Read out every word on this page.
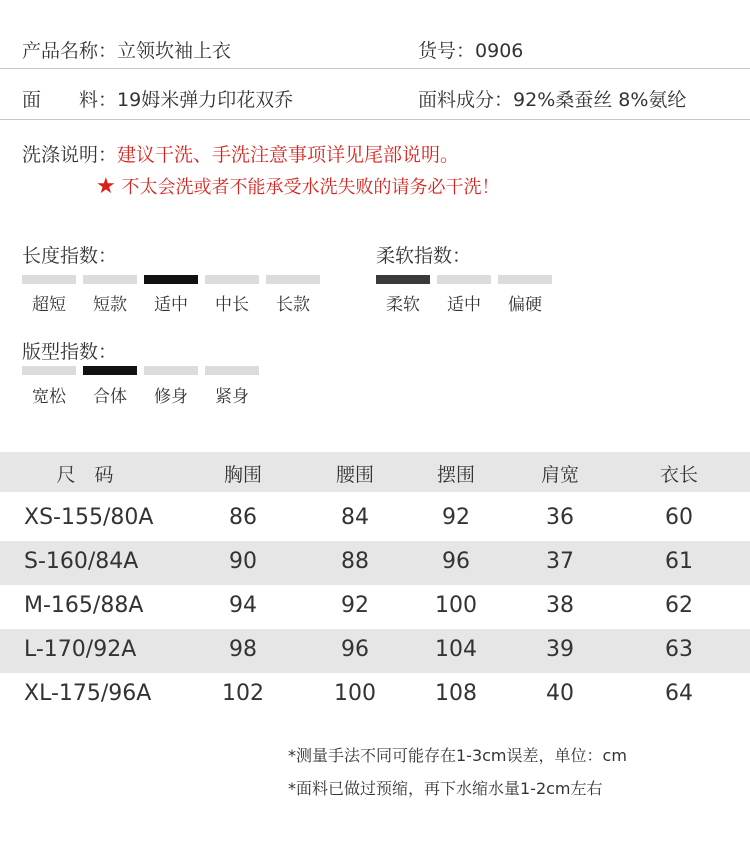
产品名称：立领坎袖上衣	货号：0906
面　　料：19姆米弹力印花双乔	面料成分：92%桑蚕丝 8%氨纶
洗涤说明：建议干洗、手洗注意事项详见尾部说明。
★ 不太会洗或者不能承受水洗失败的请务必干洗！
长度指数：
超短	短款	适中	中长	长款
柔软指数：
柔软	适中	偏硬
版型指数：
宽松	合体	修身	紧身
尺　码	胸围	腰围	摆围	肩宽	衣长
XS-155/80A	86	84	92	36	60
S-160/84A	90	88	96	37	61
M-165/88A	94	92	100	38	62
L-170/92A	98	96	104	39	63
XL-175/96A	102	100	108	40	64
*测量手法不同可能存在1-3cm误差，单位：cm
*面料已做过预缩，再下水缩水量1-2cm左右
